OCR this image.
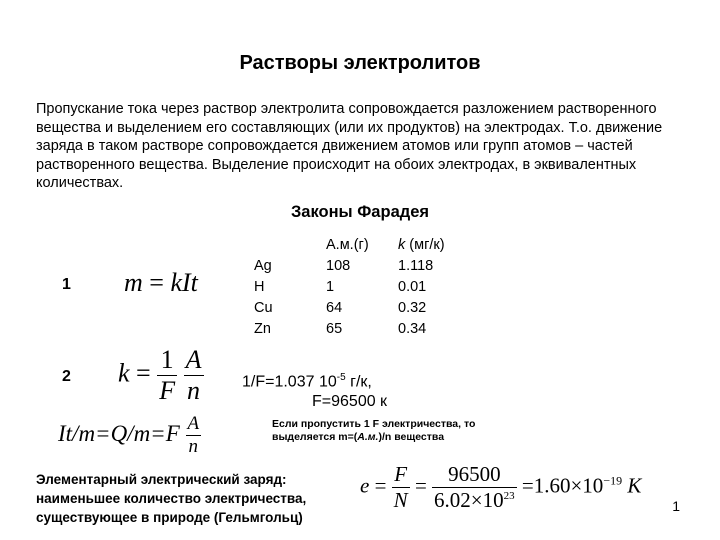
Растворы электролитов
Пропускание тока через раствор электролита сопровождается разложением растворенного вещества и выделением его составляющих (или их продуктов) на электродах. Т.о. движение заряда в таком растворе сопровождается движением атомов или групп атомов – частей растворенного вещества. Выделение происходит на обоих электродах, в эквивалентных количествах.
Законы Фарадея
1 m = kIt
Ag
H
Cu
Zn
А.м.(г)
108
1
64
65
k (мг/к)
1.118
0.01
0.32
0.34
2 $k = \frac{1}{F}$
$\frac{A}{n} 1/F=1.037$ $10^{-5}$ г/к,
F=96500 к
$It/m=Q/m=F \frac{A}{n}$	Если пропустить 1 F электричества, то
выделяется m=(А.м.)/n вещества
Элементарный электрический заряд:
наименьшее количество электричества,
существующее в природе (Гельмгольц)
$e = \frac{F}{N} = \frac{96500}{6.02\times 10^{23}} =1.60\times 10^{-19}$ K
1
